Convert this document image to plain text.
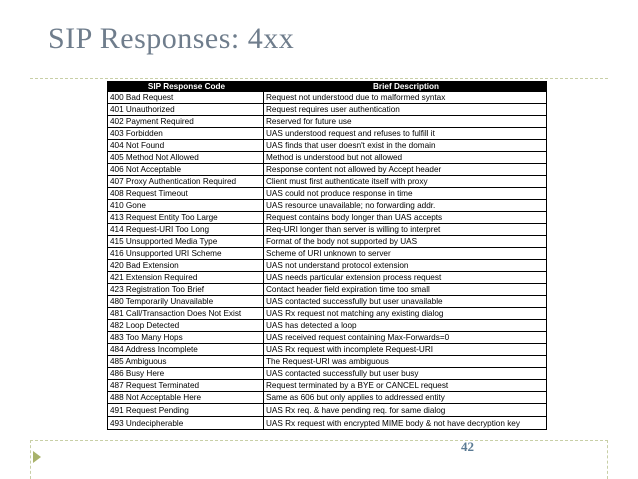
SIP Responses: 4xx
SIP Response Code	Brief Description
400 Bad Request	Request not understood due to malformed syntax
401 Unauthorized	Request requires user authentication
402 Payment Required	Reserved for future use
403 Forbidden	UAS understood request and refuses to fulfill it
404 Not Found	UAS finds that user doesn't exist in the domain
405 Method Not Allowed	Method is understood but not allowed
406 Not Acceptable	Response content not allowed by Accept header
407 Proxy Authentication Required	Client must first authenticate itself with proxy
408 Request Timeout	UAS could not produce response in time
410 Gone	UAS resource unavailable; no forwarding addr.
413 Request Entity Too Large	Request contains body longer than UAS accepts
414 Request-URI Too Long	Req-URI longer than server is willing to interpret
415 Unsupported Media Type	Format of the body not supported by UAS
416 Unsupported URI Scheme	Scheme of URI unknown to server
420 Bad Extension	UAS not understand protocol extension
421 Extension Required	UAS needs particular extension process request
423 Registration Too Brief	Contact header field expiration time too small
480 Temporarily Unavailable	UAS contacted successfully but user unavailable
481 Call/Transaction Does Not Exist	UAS Rx request not matching any existing dialog
482 Loop Detected	UAS has detected a loop
483 Too Many Hops	UAS received request containing Max-Forwards=0
484 Address Incomplete	UAS Rx request with incomplete Request-URI
485 Ambiguous	The Request-URI was ambiguous
486 Busy Here	UAS contacted successfully but user busy
487 Request Terminated	Request terminated by a BYE or CANCEL request
488 Not Acceptable Here	Same as 606 but only applies to addressed entity
491 Request Pending	UAS Rx req. & have pending req. for same dialog
493 Undecipherable	UAS Rx request with encrypted MIME body & not have decryption key
42
